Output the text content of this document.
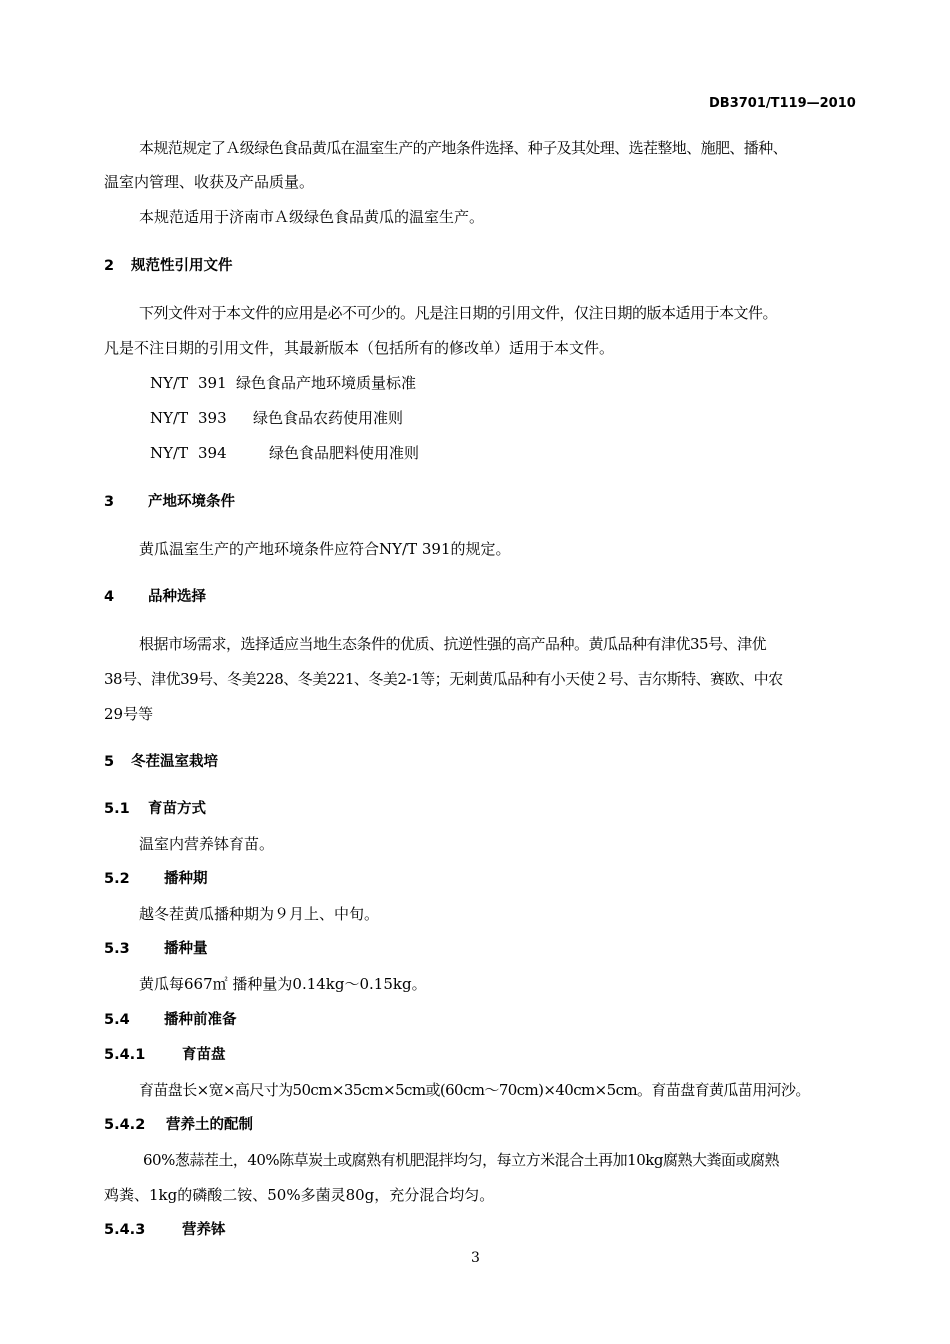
DB3701/T119—2010
本规范规定了Ａ级绿色食品黄瓜在温室生产的产地条件选择、种子及其处理、选茬整地、施肥、播种、
温室内管理、收获及产品质量。
本规范适用于济南市Ａ级绿色食品黄瓜的温室生产。
2 规范性引用文件
下列文件对于本文件的应用是必不可少的。凡是注日期的引用文件，仅注日期的版本适用于本文件。
凡是不注日期的引用文件，其最新版本（包括所有的修改单）适用于本文件。
NY/T 391 绿色食品产地环境质量标准
NY/T 393 绿色食品农药使用准则
NY/T 394	绿色食品肥料使用准则
3 产地环境条件
黄瓜温室生产的产地环境条件应符合NY/T 391的规定。
4 品种选择
根据市场需求，选择适应当地生态条件的优质、抗逆性强的高产品种。黄瓜品种有津优35号、津优
38号、津优39号、冬美228、冬美221、冬美2-1等；无刺黄瓜品种有小天使２号、吉尔斯特、赛欧、中农
29号等
5 冬茬温室栽培
5.1 育苗方式
温室内营养钵育苗。
5.2 播种期
越冬茬黄瓜播种期为９月上、中旬。
5.3 播种量
黄瓜每667㎡ 播种量为0.14kg～0.15kg。
5.4 播种前准备
5.4.1	育苗盘
育苗盘长×宽×高尺寸为50cm×35cm×5cm或(60cm～70cm)×40cm×5cm。育苗盘育黄瓜苗用河沙。
5.4.2 营养土的配制
60%葱蒜茬土，40%陈草炭土或腐熟有机肥混拌均匀，每立方米混合土再加10kg腐熟大粪面或腐熟
鸡粪、1kg的磷酸二铵、50%多菌灵80g，充分混合均匀。
5.4.3	营养钵
3
